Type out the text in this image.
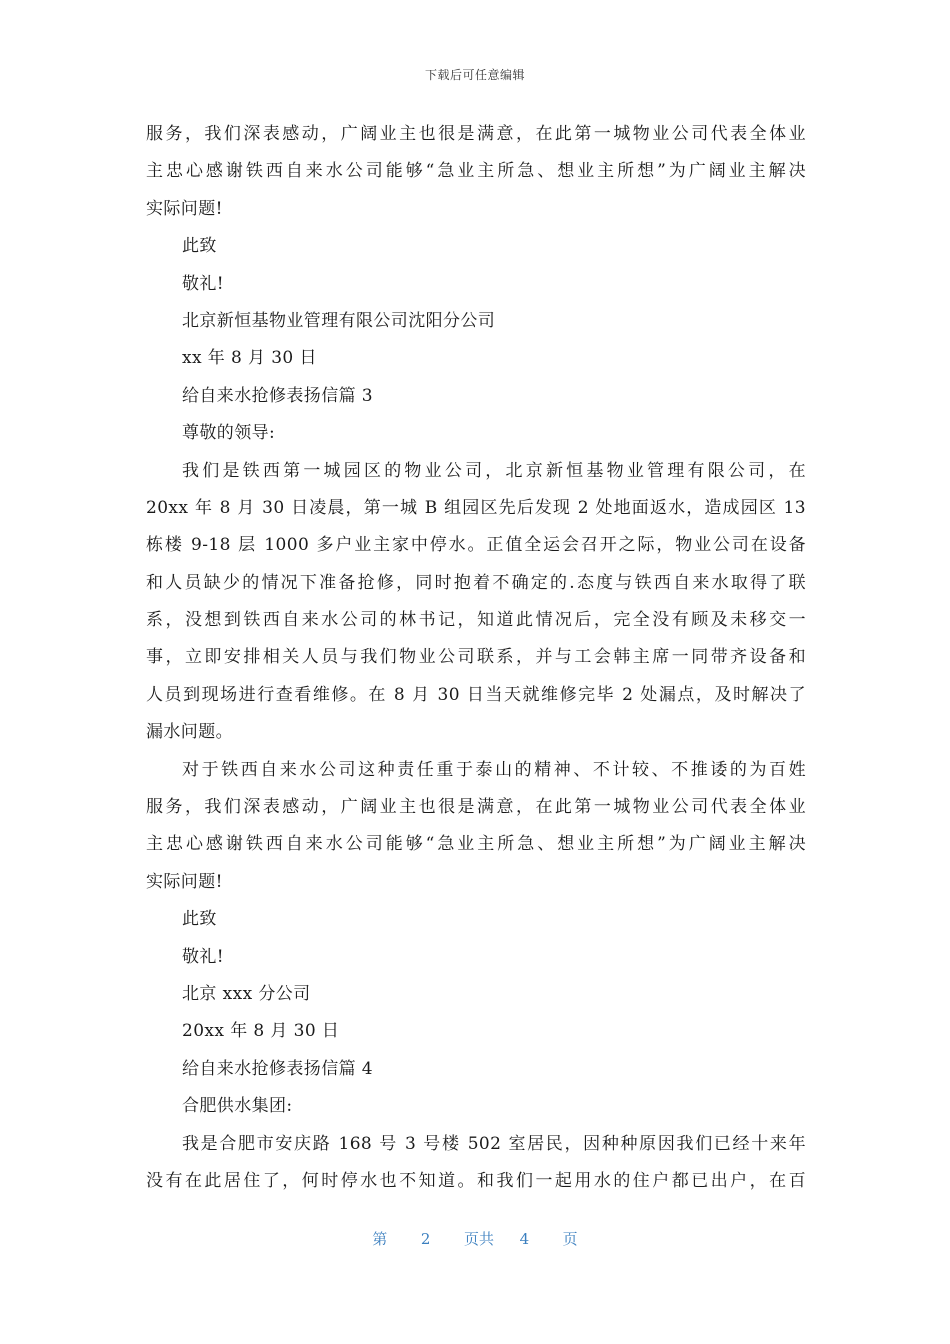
下载后可任意编辑
服务，我们深表感动，广阔业主也很是满意，在此第一城物业公司代表全体业
主忠心感谢铁西自来水公司能够“急业主所急、想业主所想”为广阔业主解决
实际问题!
此致
敬礼!
北京新恒基物业管理有限公司沈阳分公司
xx 年 8 月 30 日
给自来水抢修表扬信篇 3
尊敬的领导:
我们是铁西第一城园区的物业公司，北京新恒基物业管理有限公司，在
20xx 年 8 月 30 日凌晨，第一城 B 组园区先后发现 2 处地面返水，造成园区 13
栋楼 9-18 层 1000 多户业主家中停水。正值全运会召开之际，物业公司在设备
和人员缺少的情况下准备抢修，同时抱着不确定的.态度与铁西自来水取得了联
系，没想到铁西自来水公司的林书记，知道此情况后，完全没有顾及未移交一
事，立即安排相关人员与我们物业公司联系，并与工会韩主席一同带齐设备和
人员到现场进行查看维修。在 8 月 30 日当天就维修完毕 2 处漏点，及时解决了
漏水问题。
对于铁西自来水公司这种责任重于泰山的精神、不计较、不推诿的为百姓
服务，我们深表感动，广阔业主也很是满意，在此第一城物业公司代表全体业
主忠心感谢铁西自来水公司能够“急业主所急、想业主所想”为广阔业主解决
实际问题!
此致
敬礼!
北京 xxx 分公司
20xx 年 8 月 30 日
给自来水抢修表扬信篇 4
合肥供水集团:
我是合肥市安庆路 168 号 3 号楼 502 室居民，因种种原因我们已经十来年
没有在此居住了，何时停水也不知道。和我们一起用水的住户都已出户，在百
第 2 页共 4 页
